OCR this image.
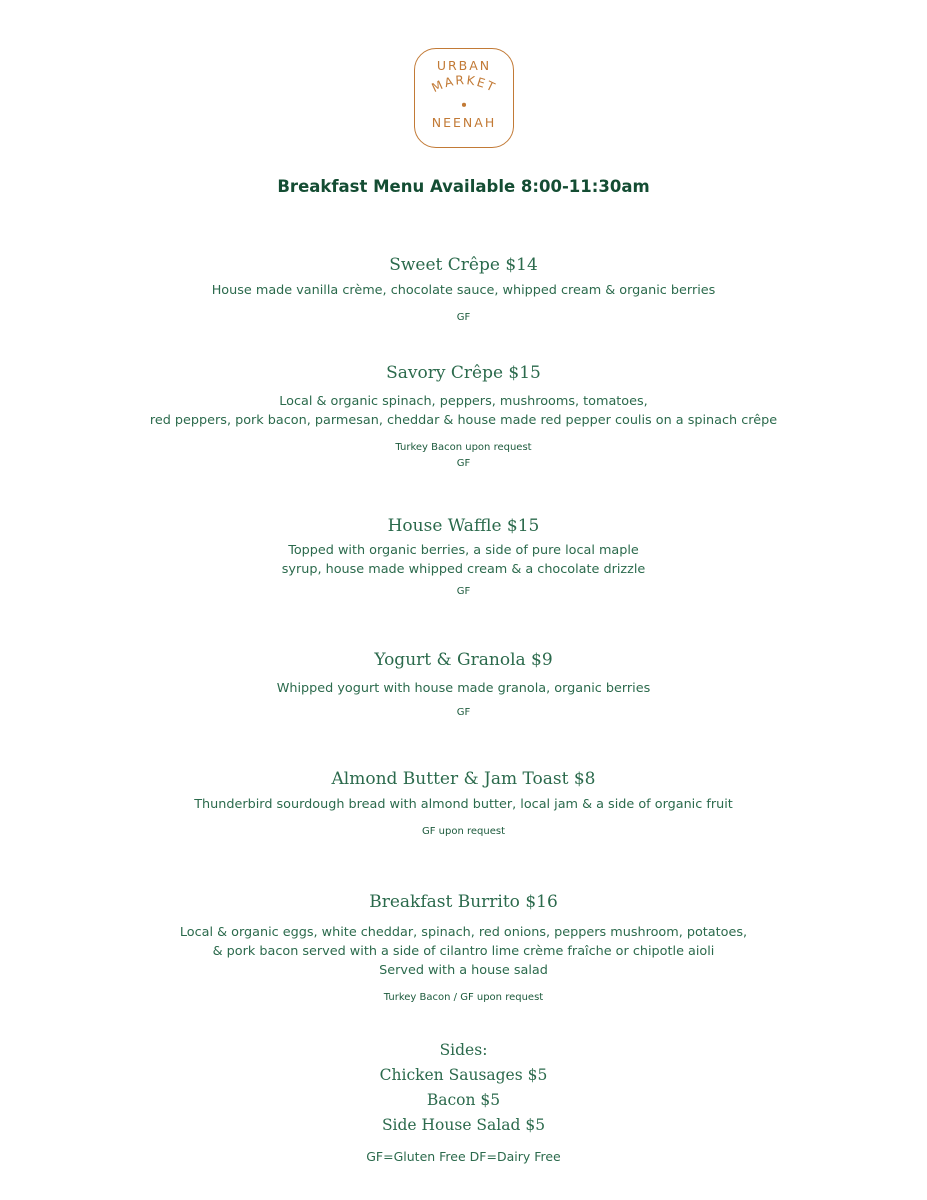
MARKET
URBAN
NEENAH
Breakfast Menu Available 8:00-11:30am
Sweet Crêpe $14
House made vanilla crème, chocolate sauce, whipped cream & organic berries
GF
Savory Crêpe $15
Local & organic spinach, peppers, mushrooms, tomatoes,
red peppers, pork bacon, parmesan, cheddar & house made red pepper coulis on a spinach crêpe
Turkey Bacon upon request
GF
House Waffle $15
Topped with organic berries, a side of pure local maple
syrup, house made whipped cream & a chocolate drizzle
GF
Yogurt & Granola $9
Whipped yogurt with house made granola, organic berries
GF
Almond Butter & Jam Toast $8
Thunderbird sourdough bread with almond butter, local jam & a side of organic fruit
GF upon request
Breakfast Burrito $16
Local & organic eggs, white cheddar, spinach, red onions, peppers mushroom, potatoes,
& pork bacon served with a side of cilantro lime crème fraîche or chipotle aioli
Served with a house salad
Turkey Bacon / GF upon request
Sides:
Chicken Sausages $5
Bacon $5
Side House Salad $5
GF=Gluten Free DF=Dairy Free
